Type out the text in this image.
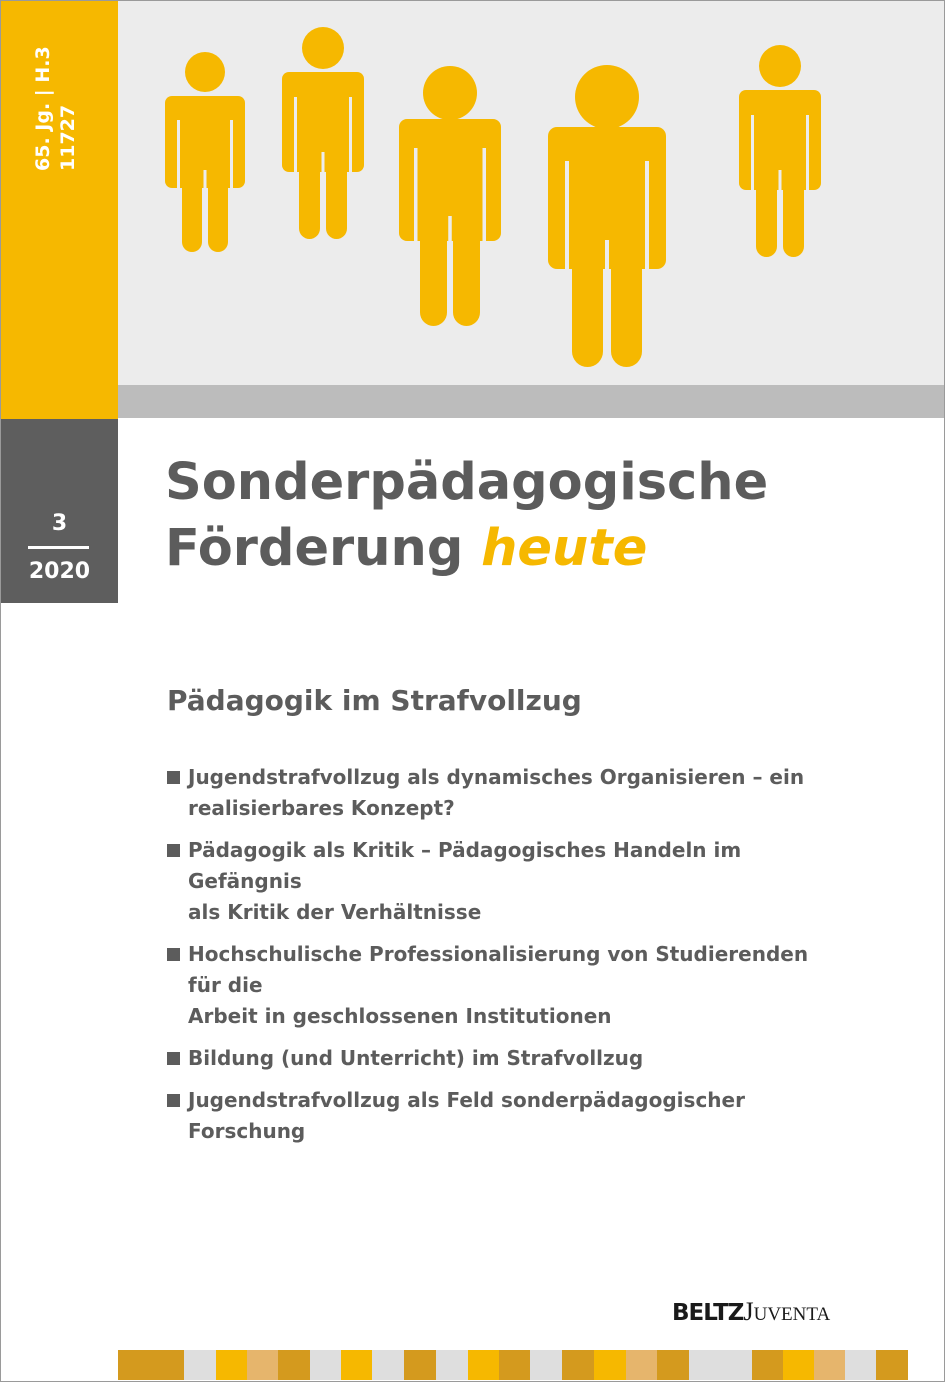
65. Jg. | H.3 11727
3
2020
Sonderpädagogische
Förderung heute
Pädagogik im Strafvollzug
Jugendstrafvollzug als dynamisches Organisieren – ein
realisierbares Konzept?
Pädagogik als Kritik – Pädagogisches Handeln im Gefängnis
als Kritik der Verhältnisse
Hochschulische Professionalisierung von Studierenden für die
Arbeit in geschlossenen Institutionen
Bildung (und Unterricht) im Strafvollzug
Jugendstrafvollzug als Feld sonderpädagogischer Forschung
BELTZJUVENTA
